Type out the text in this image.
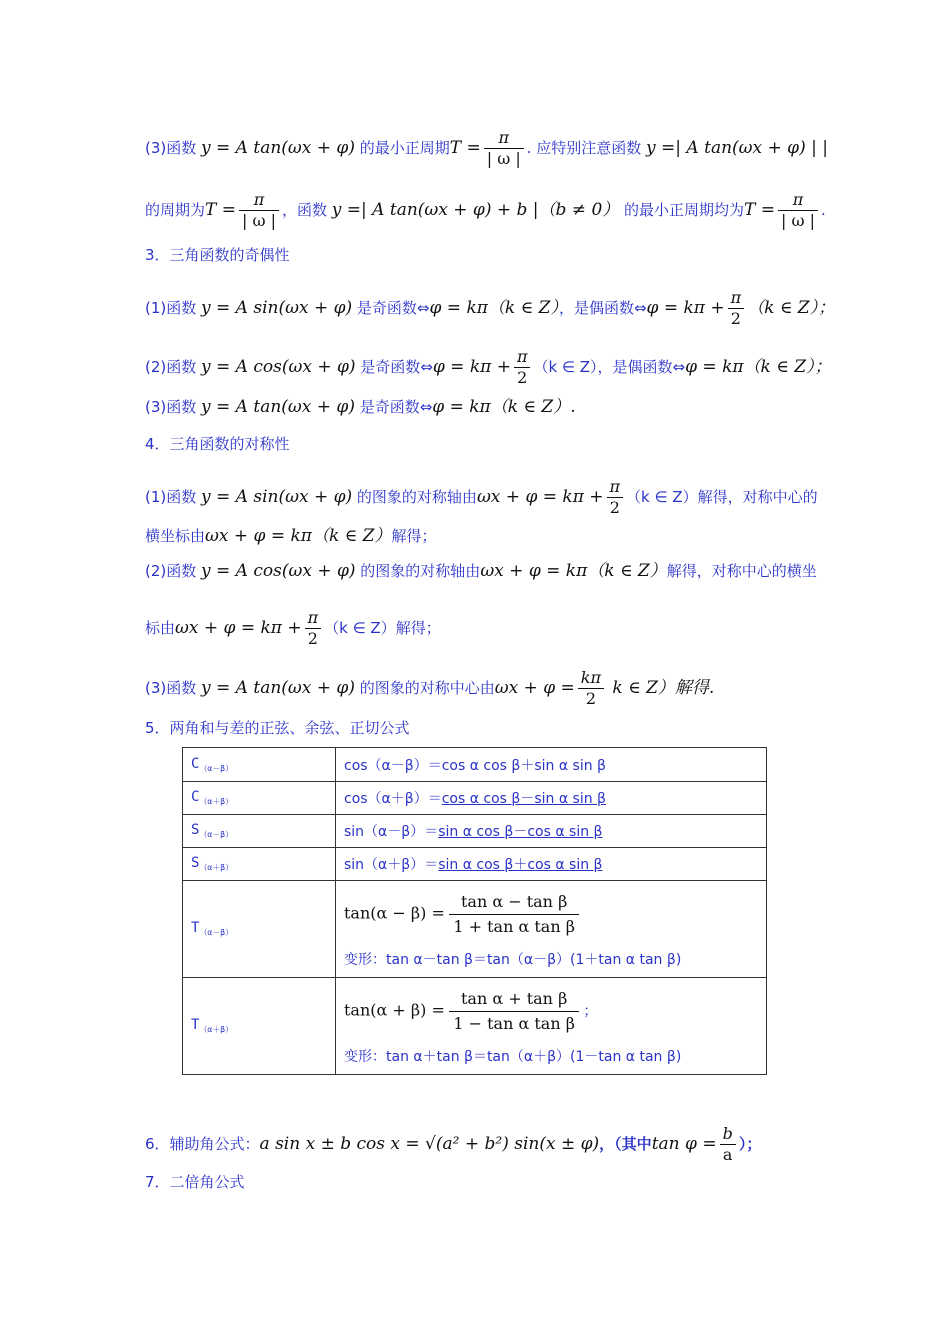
(3)函数 y = A tan(ωx + φ) 的最小正周期$T = \frac{\pi}{| \omega |}$ . 应特别注意函数 y =| A tan(ωx + φ) | |
的周期为$T = \frac{\pi}{| \omega |}$ ，函数 y =| A tan(ωx + φ) + b |（b ≠ 0） 的最小正周期均为$T = \frac{\pi}{| \omega |}$ .
3．三角函数的奇偶性
(1)函数 y = A sin(ωx + φ) 是奇函数⇔φ = kπ（k ∈ Z），是偶函数⇔φ = $k\pi + \frac{\pi}{2} (k$ ∈ Z）；
(2)函数 y = A cos(ωx + φ) 是奇函数⇔φ = $k\pi + \frac{\pi}{2} (k$ ∈ Z），是偶函数⇔φ = kπ（k ∈ Z）；
(3)函数 y = A tan(ωx + φ) 是奇函数⇔φ = kπ（k ∈ Z）.
4．三角函数的对称性
(1)函数 y = A sin(ωx + φ) 的图象的对称轴由$\omega x + \varphi = k\pi + \frac{\pi}{2} (k$ ∈ Z）解得，对称中心的
横坐标由ωx + φ = kπ（k ∈ Z）解得；
(2)函数 y = A cos(ωx + φ) 的图象的对称轴由ωx + φ = kπ（k ∈ Z）解得，对称中心的横坐
标由$\omega x + \varphi = k\pi + \frac{\pi}{2} (k$ ∈ Z）解得；
(3)函数 y = A tan(ωx + φ) 的图象的对称中心由$\omega x + \varphi = \frac{k\pi}{2}$ k ∈ Z）解得.
5．两角和与差的正弦、余弦、正切公式
$C_{(\alpha-\beta)}$	cos（α－β）＝cos α cos β＋sin α sin β
$C_{(\alpha+\beta)}$	cos（α＋β）＝cos α cos β－sin α sin β
$S_{(\alpha-\beta)}$	sin（α－β）＝sin α cos β－cos α sin β
$S_{(\alpha+\beta)}$	sin（α＋β）＝sin α cos β＋cos α sin β
$T_{(\alpha-\beta)}$	$\tan(\alpha - \beta) = \frac{\text{tan α − tan β}}{\text{1 + tan α tan β}}$
变形：tan α－tan β＝tan（α－β）(1＋tan α tan β)

$T_{(\alpha+\beta)}$	$\tan(\alpha + \beta) = \frac{\text{tan α + tan β}}{\text{1 − tan α tan β}}$ ；
变形：tan α＋tan β＝tan（α＋β）(1－tan α tan β)
6．辅助角公式：a sin x ± b cos x = √(a² + b²) sin(x ± φ)，（其中$\tan \varphi = \frac{b}{a}$ ）；
7．二倍角公式
